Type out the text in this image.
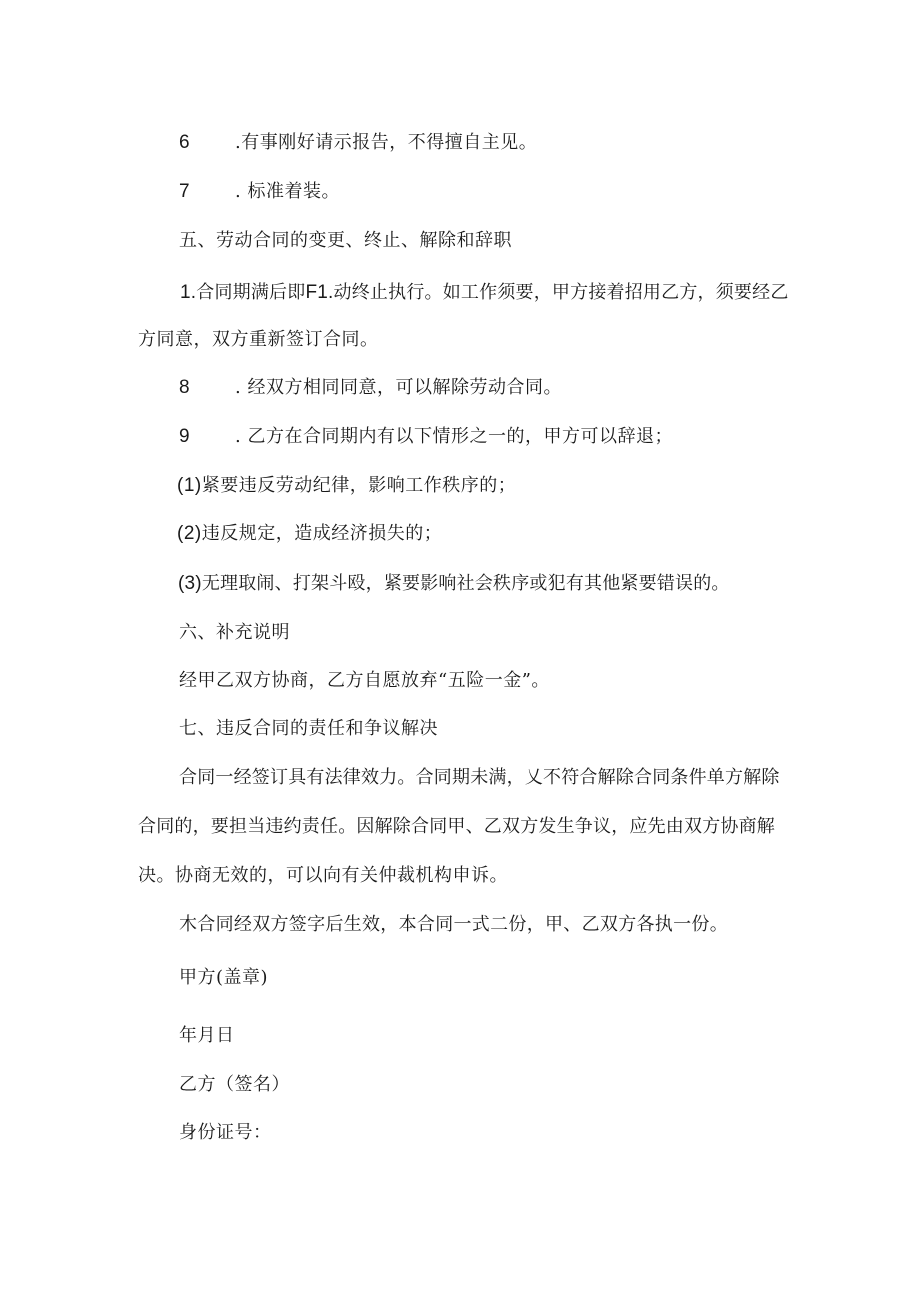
6 .有事刚好请示报告，不得擅自主见。
7 . 标准着装。
五、劳动合同的变更、终止、解除和辞职
1.合同期满后即F1.动终止执行。如工作须要，甲方接着招用乙方，须要经乙
方同意，双方重新签订合同。
8 . 经双方相同同意，可以解除劳动合同。
9 . 乙方在合同期内有以下情形之一的，甲方可以辞退；
(1)紧要违反劳动纪律，影响工作秩序的；
(2)违反规定，造成经济损失的；
(3)无理取闹、打架斗殴，紧要影响社会秩序或犯有其他紧要错误的。
六、补充说明
经甲乙双方协商，乙方自愿放弃“五险一金”。
七、违反合同的责任和争议解决
合同一经签订具有法律效力。合同期未满，乂不符合解除合同条件单方解除
合同的，要担当违约责任。因解除合同甲、乙双方发生争议，应先由双方协商解
决。协商无效的，可以向有关仲裁机构申诉。
木合同经双方签字后生效，本合同一式二份，甲、乙双方各执一份。
甲方(盖章)
年月日
乙方（签名）
身份证号：
